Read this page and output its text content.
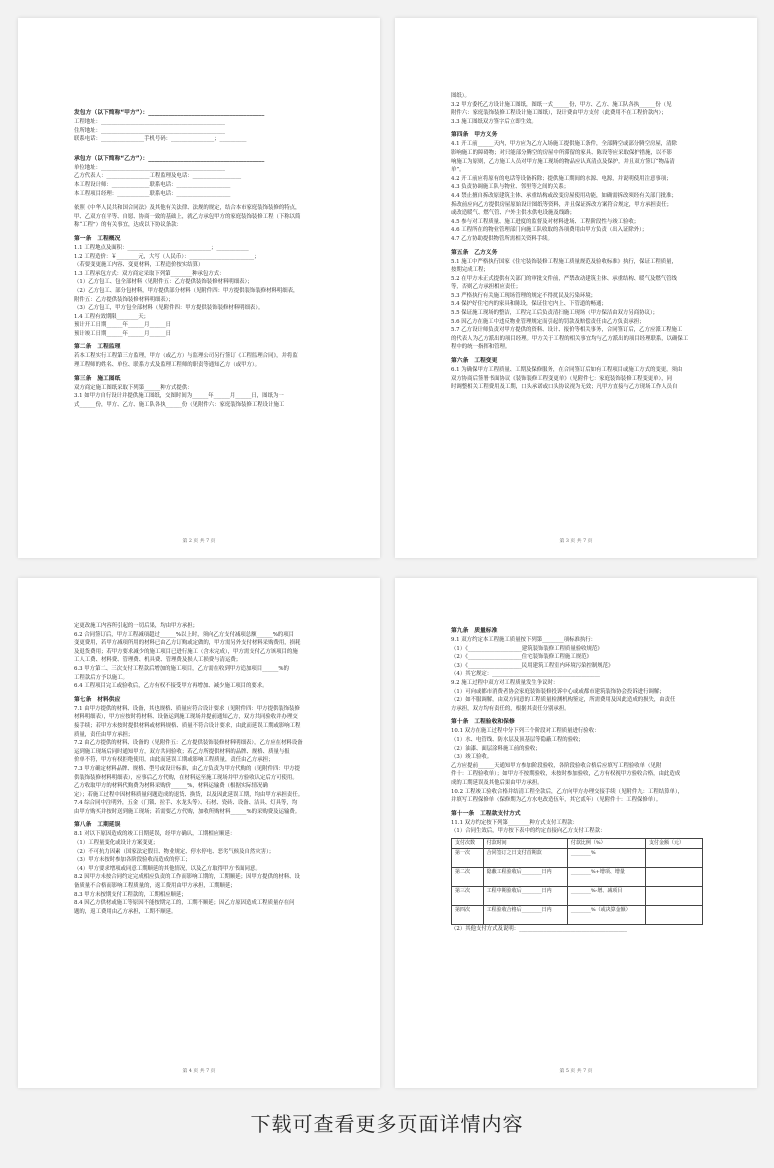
发包方（以下简称“甲方”）：________________________________________
工程地址：______________________________________________
住所地址：______________________________________________
联系电话：________________手机号码：________________；__________
承包方（以下简称“乙方”）：________________________________________
单位地址：______________________________________________
乙方代表人：________________工程监理及电话：__________________
本工程设计师：______________联系电话：____________________
本工程项目经理：____________联系电话：____________________
依照《中华人民共和国合同法》及其他有关法律、法规的规定，结合本市家庭装饰装修的特点，
甲、乙双方在平等、自愿、协商一致的基础上，就乙方承包甲方的家庭装饰装修工程（下称以简
称“工程”）的有关事宜，达成以下协议条款：
第一条　工程概况
1.1 工程地点及面积：_______________________________；____________
1.2 工程造价：￥________元，大写（人民币）：________________________；
（若要变更施工内容、变更材料，工程造价按实结算）
1.3 工程承包方式：双方商定采取下列第________种承包方式：
（1）乙方包工、包全部材料（见附件五：乙方提供装饰装修材料明细表）；
（2）乙方包工、部分包材料，甲方提供部分材料（见附件四：甲方提供装饰装修材料明细表，
附件五：乙方提供装饰装修材料明细表）；
（3）乙方包工，甲方包全部材料（见附件四：甲方提供装饰装修材料明细表）。
1.4 工程有效期限________天；
预计开工日期______年______月______日
预计竣工日期______年______月______日
第二条　工程监理
若本工程实行工程第三方监理，甲方（或乙方）与监理公司另行签订《工程监理合同》，并将监
理工程师的姓名、单位、联系方式及监理工程师的职责等通知乙方（或甲方）。
第三条　施工图纸
双方商定施工图纸采取下列第______种方式提供：
3.1 如甲方自行设计并提供施工图纸，交图时间为______年______月______日，图纸为一
式______份，甲方、乙方、施工队各执______份（见附件六：家庭装饰装修工程设计施工
第 2 页 共 7 页
图纸）。
3.2 甲方委托乙方设计施工图纸，图纸一式______份，甲方、乙方、施工队各执______份（见
附件六：家庭装饰装修工程设计施工图纸），设计费由甲方支付（此费用不在工程价款内）；
3.3 施工图纸双方签字后立即生效。
第四条　甲方义务
4.1 开工前______天内，甲方应为乙方入场施工提供施工条件，全部腾空或部分腾空房屋，清除
影响施工的障碍物；对只能部分腾空的房屋中所滞留的家具、陈设等应采取保护措施，以不影
响施工为原则，乙方施工人员对甲方施工现场的物品应认真清点及保护，并且双方签订“物品清
单”。
4.2 开工前应将原有的电话等设备拆除；提供施工期间的水源、电源，并说明使用注意事项；
4.3 负责协调施工队与物业、邻里等之间的关系；
4.4 禁止擅自拆改原建筑主体、承重结构或改变房屋使用功能，如确需拆改须经有关部门批准；
拆改前应向乙方提供房屋原始设计图纸等资料，并且保证拆改方案符合规定，甲方承担责任；
或改造暖气、燃气管、户外主供水供电设施及线路；
4.5 参与对工程质量、施工进度的监督及对材料进场、工程阶段性与竣工验收；
4.6 工程所在的物业管理部门向施工队收取的各项费用由甲方负责（出入证除外）；
4.7 乙方协助提供物管所需相关资料手续。
第五条　乙方义务
5.1 施工中严格执行国家《住宅装饰装修工程施工质量规范及验收标准》执行，保证工程质量，
按期完成工程；
5.2 在甲方未正式提供有关部门的审批文件前，严禁改动建筑主体、承重结构、暖气及燃气管线
等，否则乙方承担相应责任；
5.3 严格执行有关施工现场管理的规定不得扰民及污染环境；
5.4 保护好住宅内的家具和陈设，保证住宅内上、下管道的畅通；
5.5 保证施工现场的整洁，工程完工后负责清扫施工现场（甲方保洁由双方另商协议）；
5.6 因乙方在施工中违反物业管理规定而引起的罚款及赔偿责任由乙方负责承担；
5.7 乙方设计师负责对甲方提供的资料、设计、报价等相关事务，合同签订后，乙方应派工程施工
的代表人为乙方派出的项目经理。甲方关于工程的相关事宜均与乙方派出的项目经理联系，以确保工
程中的统一指挥和管理。
第六条　工程变更
6.1 为确保甲方工程质量、工期及保修服务，在合同签订后如有工程项目或施工方式的变更，须由
双方协商后签署书面协议《装饰装修工程变更单》（见附件七：家庭装饰装修工程变更单），同
时调整相关工程费用及工期，口头承诺或口头协议视为无效；凡甲方直接与乙方现场工作人员自
第 3 页 共 7 页
定更改施工内容所引起的一切后果，均由甲方承担；
6.2 合同签订后，甲方工程减项超过______%以上时，须向乙方支付减项总额______%的项目
变更费用，若甲方减项所用的材料已由乙方订购或定做的，甲方需另外支付材料采购费用，损耗
及退货费用；若甲方要求减少的施工项目已进行施工（含未完成），甲方需支付乙方该项目的施
工人工费、材料费、管理费、机具费、管理费及损人工损费与清运费；
6.3 甲方第二、三次支付工程款后增加的施工项目，乙方需在收到甲方追加项目______%的
工程款后方予以施工。
6.4 工程项目完工或验收后，乙方有权不接受甲方再增加、减少施工项目的要求。
第七条　材料供应
7.1 由甲方提供的材料、设备，其也规格、质量应符合设计要求（见附件四：甲方提供装饰装修
材料明细表），甲方应按时将材料、设备运到施工现场并提前通知乙方，双方共同验收并办理交
接手续；若甲方未按时提供材料或材料规格、质量不符合设计要求，由此而延误工期或影响工程
质量，责任由甲方承担；
7.2 由乙方提供的材料、设备的（见附件五：乙方提供装饰装修材料明细表），乙方应在材料设备
运到施工现场后同时通知甲方，双方共同验收；若乙方所提供材料的品牌、规格、质量与报
价单不符，甲方有权拒绝使用，由此而延误工期或影响工程质量，责任由乙方承担；
7.3 甲方确定材料品牌、规格、型号或设计标准，由乙方负责为甲方代购的（见附件四：甲方提
供装饰装修材料明细表），应事后乙方代购，在材料运至施工现场并甲方验收认定后方可使用。
乙方收取甲方的材料代购费为材料采购价______%，材料运输费（根据实际情况确
定）；若施工过程中因材料质量问题造成的退货、换货，以及因此延误工期，均由甲方承担责任。
7.4 综合同中注明外，五金（门锁、拉手、水龙头等）、石材、瓷砖、设备、洁具、灯具等，均
由甲方购买并按时送到施工现场；若需要乙方代购，加收所购材料______%的采购费及运输费。
第八条　工期延误
8.1 对以下原因造成的竣工日期延误，经甲方确认，工期相应顺延：
（1）工程量变化或设计方案变更；
（2）不可抗力因素（国家法定假日、物业规定、停水停电、恶劣气候及自然灾害）；
（3）甲方未按时参加各阶段验收而造成的停工；
（4）甲方要求增项或同意工期顺延的其他情况，以及乙方取得甲方书面同意。
8.2 因甲方未按合同约定完成相应负责的工作而影响工期的，工期顺延；因甲方提供的材料、设
备质量不合格而影响工程质量的，返工费用由甲方承担，工期顺延；
8.3 甲方未按期支付工程款的，工期相应顺延；
8.4 因乙方供材或施工等原因不能按期完工的，工期不顺延；因乙方原因造成工程质量存在问
题的，返工费用由乙方承担，工期不顺延。
第 4 页 共 7 页
第九条　质量标准
9.1 双方约定本工程施工质量按下列第________项标准执行：
（1）《____________________建筑装饰装修工程质量验收规范》
（2）《____________________住宅装饰装修工程施工规范》
（3）《____________________民用建筑工程室内环境污染控制规范》
（4）其它规定：________________________________________
9.2 施工过程中双方对工程质量发生争议时：
（1）可向或都市消费者协会家庭装饰装修投诉中心或或都市建筑装饰协会投诉进行调解；
（2）如不服调解，由双方同意的工程质量检测机构鉴定，所需费用及因此造成的损失，由责任
方承担，双方均有责任的，根据其责任分别承担。
第十条　工程验收和保修
10.1 双方在施工过程中分下列三个阶段对工程质量进行验收：
（1）水、电管线、防水层及顶基层等隐蔽工程的验收；
（2）油漆、面层涂料施工前的验收；
（3）竣工验收。
乙方应提前______天通知甲方参加阶段验收，各阶段验收合格后应填写工程验收单（见附
件十：工程验收单）；如甲方不按期验收，未按时参加验收，乙方有权视甲方验收合格，由此造成
成的工期延误及其他后果由甲方承担。
10.2 工程竣工验收合格并结清工程全款后，乙方向甲方办理交接手续（见附件九：工程结算单），
并填写工程保修单（保修期为乙方水电改造伍年，其它贰年）（见附件十：工程保修单）。
第十一条　工程款支付方式
11.1 双方约定按下列第________种方式支付工程款：
（1）合同生效后，甲方按下表中的约定直接向乙方支付工程款：
支付次数	付款时间	付款比例（%）	支付金额（元）
第一次	合同签订之日支付首期款	________%	
第二次	隐蔽工程验收后________日内	________%+增项、增量	
第三次	工程中期验收后________日内	________%-增、减项目	
第四次	工程验收合格后________日内	________%（或决算金额）	
（2）其他支付方式及说明：________________________________________
第 5 页 共 7 页
下载可查看更多页面详情内容
